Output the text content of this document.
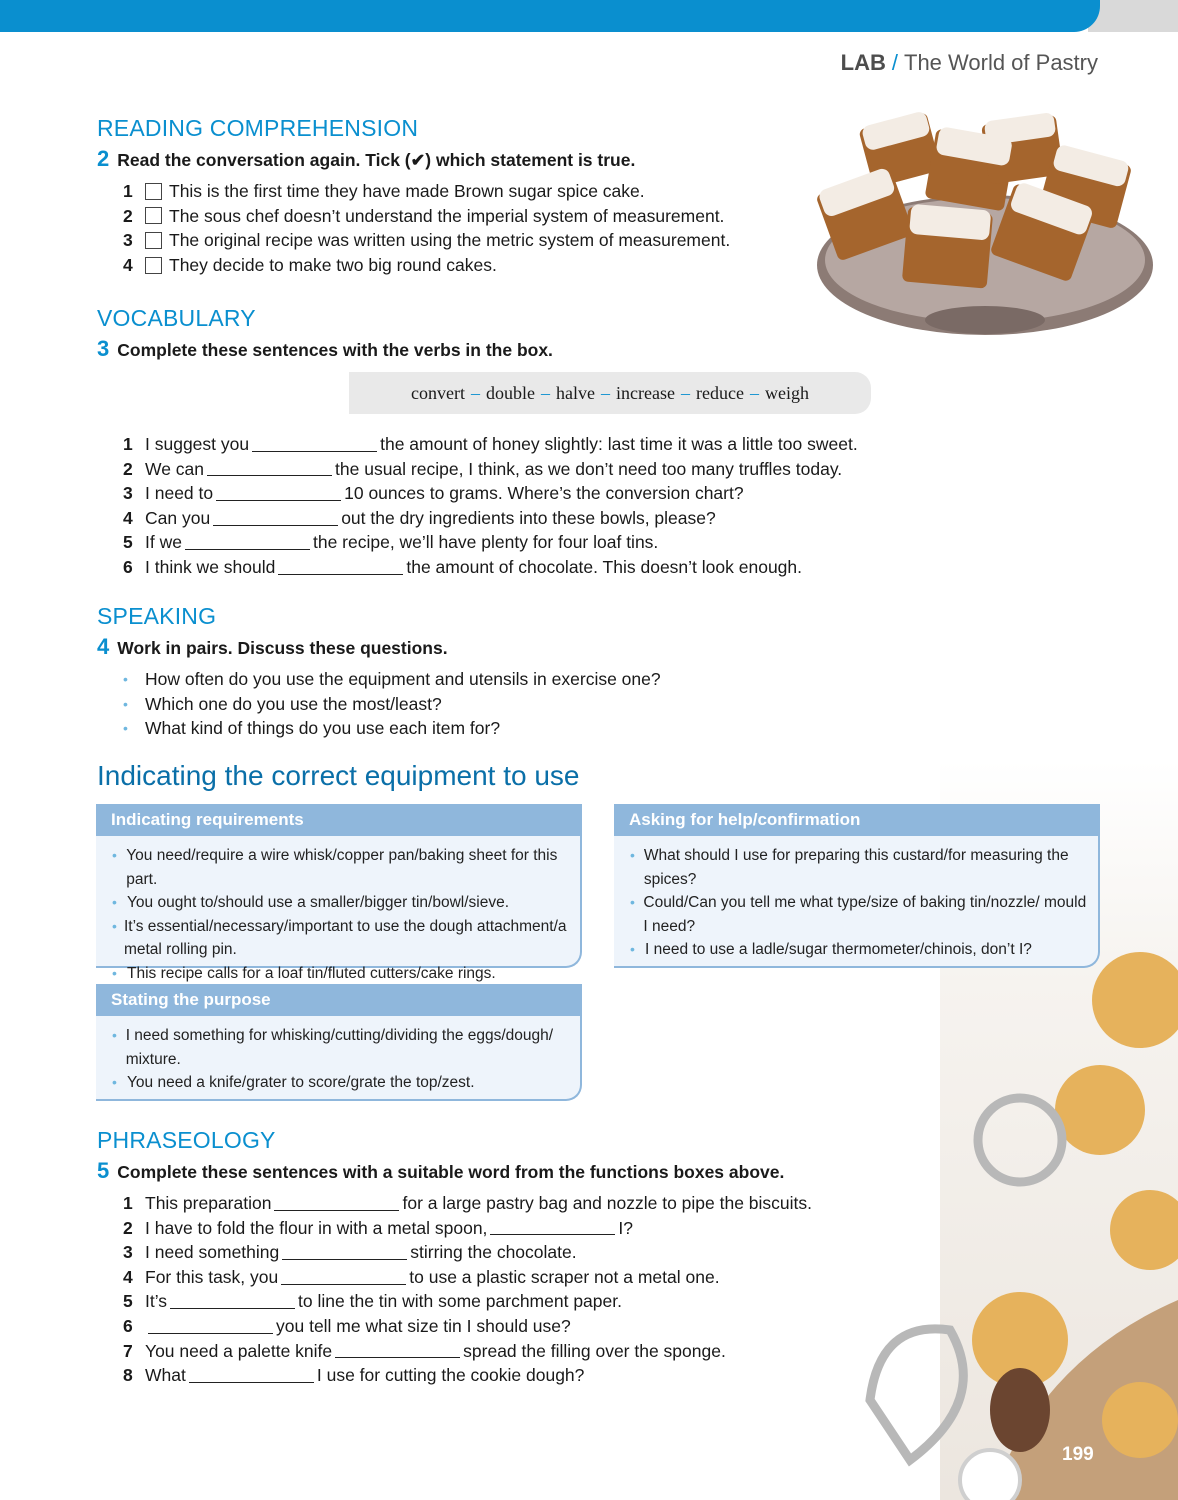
LAB / The World of Pastry
READING COMPREHENSION
2 Read the conversation again. Tick (✔) which statement is true.
1	This is the first time they have made Brown sugar spice cake.
2	The sous chef doesn’t understand the imperial system of measurement.
3	The original recipe was written using the metric system of measurement.
4	They decide to make two big round cakes.
VOCABULARY
3 Complete these sentences with the verbs in the box.
convert – double – halve – increase – reduce – weigh
1 I suggest you	the amount of honey slightly: last time it was a little too sweet.
2 We can	the usual recipe, I think, as we don’t need too many truffles today.
3 I need to	10 ounces to grams. Where’s the conversion chart?
4 Can you	out the dry ingredients into these bowls, please?
5 If we	the recipe, we’ll have plenty for four loaf tins.
6 I think we should	the amount of chocolate. This doesn’t look enough.
SPEAKING
4 Work in pairs. Discuss these questions.
• How often do you use the equipment and utensils in exercise one?
• Which one do you use the most/least?
• What kind of things do you use each item for?
Indicating the correct equipment to use
Indicating requirements
• You need/require a wire whisk/copper pan/baking sheet for this part.
• You ought to/should use a smaller/bigger tin/bowl/sieve.
• It’s essential/necessary/important to use the dough attachment/a metal rolling pin.
• This recipe calls for a loaf tin/fluted cutters/cake rings.
Asking for help/confirmation
• What should I use for preparing this custard/for measuring the spices?
• Could/Can you tell me what type/size of baking tin/nozzle/ mould I need?
• I need to use a ladle/sugar thermometer/chinois, don’t I?
Stating the purpose
• I need something for whisking/cutting/dividing the eggs/dough/ mixture.
• You need a knife/grater to score/grate the top/zest.
PHRASEOLOGY
5 Complete these sentences with a suitable word from the functions boxes above.
1 This preparation	for a large pastry bag and nozzle to pipe the biscuits.
2 I have to fold the flour in with a metal spoon,	I?
3 I need something	stirring the chocolate.
4 For this task, you	to use a plastic scraper not a metal one.
5 It’s	to line the tin with some parchment paper.
6	you tell me what size tin I should use?
7 You need a palette knife	spread the filling over the sponge.
8 What	I use for cutting the cookie dough?
199
